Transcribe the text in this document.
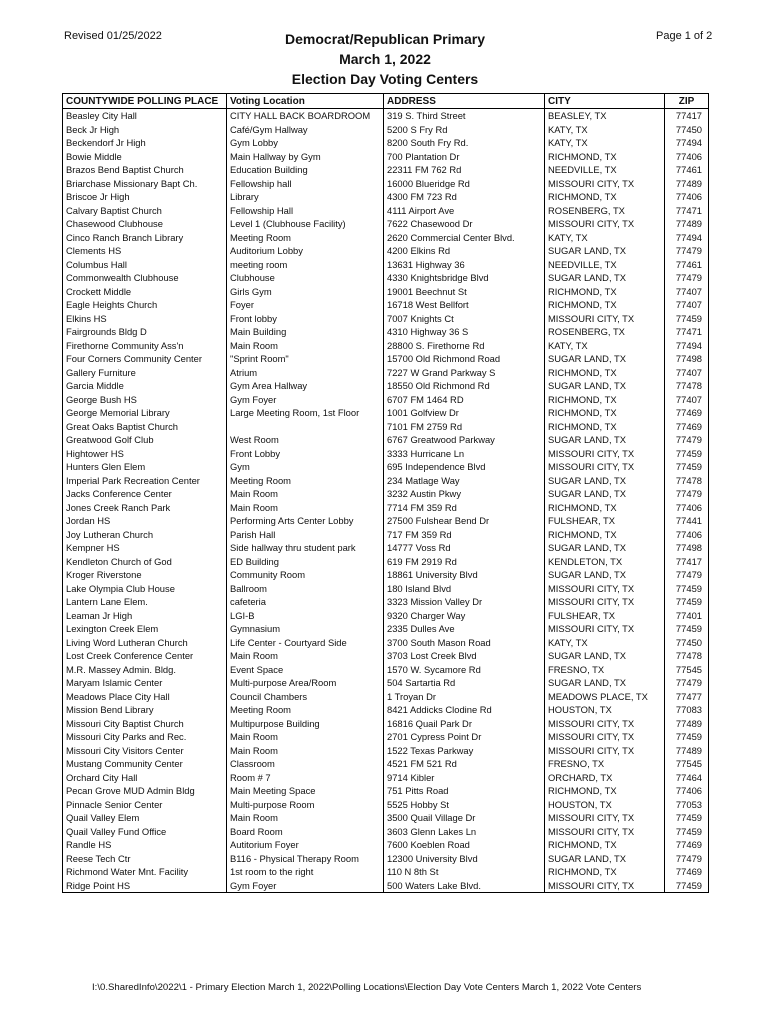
Revised 01/25/2022	Page 1 of 2
Democrat/Republican Primary
March 1, 2022
Election Day Voting Centers
COUNTYWIDE POLLING PLACE	Voting Location	ADDRESS	CITY	ZIP
Beasley City Hall	CITY HALL BACK BOARDROOM	319 S. Third Street	BEASLEY, TX	77417
Beck Jr High	Café/Gym Hallway	5200 S Fry Rd	KATY, TX	77450
Beckendorf Jr High	Gym Lobby	8200 South Fry Rd.	KATY, TX	77494
Bowie Middle	Main Hallway by Gym	700 Plantation Dr	RICHMOND, TX	77406
Brazos Bend Baptist Church	Education Building	22311 FM 762 Rd	NEEDVILLE, TX	77461
Briarchase Missionary Bapt Ch.	Fellowship hall	16000 Blueridge Rd	MISSOURI CITY, TX	77489
Briscoe Jr High	Library	4300 FM 723 Rd	RICHMOND, TX	77406
Calvary Baptist Church	Fellowship Hall	4111 Airport Ave	ROSENBERG, TX	77471
Chasewood Clubhouse	Level 1 (Clubhouse Facility)	7622 Chasewood Dr	MISSOURI CITY, TX	77489
Cinco Ranch Branch Library	Meeting Room	2620 Commercial Center Blvd.	KATY, TX	77494
Clements HS	Auditorium Lobby	4200 Elkins Rd	SUGAR LAND, TX	77479
Columbus Hall	meeting room	13631 Highway 36	NEEDVILLE, TX	77461
Commonwealth Clubhouse	Clubhouse	4330 Knightsbridge Blvd	SUGAR LAND, TX	77479
Crockett Middle	Girls Gym	19001 Beechnut St	RICHMOND, TX	77407
Eagle Heights Church	Foyer	16718 West Bellfort	RICHMOND, TX	77407
Elkins HS	Front lobby	7007 Knights Ct	MISSOURI CITY, TX	77459
Fairgrounds Bldg D	Main Building	4310 Highway 36 S	ROSENBERG, TX	77471
Firethorne Community Ass'n	Main Room	28800 S. Firethorne Rd	KATY, TX	77494
Four Corners Community Center	"Sprint Room"	15700 Old Richmond Road	SUGAR LAND, TX	77498
Gallery Furniture	Atrium	7227 W Grand Parkway S	RICHMOND, TX	77407
Garcia Middle	Gym Area Hallway	18550 Old Richmond Rd	SUGAR LAND, TX	77478
George Bush HS	Gym Foyer	6707 FM 1464 RD	RICHMOND, TX	77407
George Memorial Library	Large Meeting Room, 1st Floor	1001 Golfview Dr	RICHMOND, TX	77469
Great Oaks Baptist Church		7101 FM 2759 Rd	RICHMOND, TX	77469
Greatwood Golf Club	West Room	6767 Greatwood Parkway	SUGAR LAND, TX	77479
Hightower HS	Front Lobby	3333 Hurricane Ln	MISSOURI CITY, TX	77459
Hunters Glen Elem	Gym	695 Independence Blvd	MISSOURI CITY, TX	77459
Imperial Park Recreation Center	Meeting Room	234 Matlage Way	SUGAR LAND, TX	77478
Jacks Conference Center	Main Room	3232 Austin Pkwy	SUGAR LAND, TX	77479
Jones Creek Ranch Park	Main Room	7714 FM 359 Rd	RICHMOND, TX	77406
Jordan HS	Performing Arts Center Lobby	27500 Fulshear Bend Dr	FULSHEAR, TX	77441
Joy Lutheran Church	Parish Hall	717 FM 359 Rd	RICHMOND, TX	77406
Kempner HS	Side hallway thru student park	14777 Voss Rd	SUGAR LAND, TX	77498
Kendleton Church of God	ED Building	619 FM 2919 Rd	KENDLETON, TX	77417
Kroger Riverstone	Community Room	18861 University Blvd	SUGAR LAND, TX	77479
Lake Olympia Club House	Ballroom	180 Island Blvd	MISSOURI CITY, TX	77459
Lantern Lane Elem.	cafeteria	3323 Mission Valley Dr	MISSOURI CITY, TX	77459
Leaman Jr High	LGI-B	9320 Charger Way	FULSHEAR, TX	77401
Lexington Creek Elem	Gymnasium	2335 Dulles Ave	MISSOURI CITY, TX	77459
Living Word Lutheran Church	Life Center - Courtyard Side	3700 South Mason Road	KATY, TX	77450
Lost Creek Conference Center	Main Room	3703 Lost Creek Blvd	SUGAR LAND, TX	77478
M.R. Massey Admin. Bldg.	Event Space	1570 W. Sycamore Rd	FRESNO, TX	77545
Maryam Islamic Center	Multi-purpose Area/Room	504 Sartartia Rd	SUGAR LAND, TX	77479
Meadows Place City Hall	Council Chambers	1 Troyan Dr	MEADOWS PLACE, TX	77477
Mission Bend Library	Meeting Room	8421 Addicks Clodine Rd	HOUSTON, TX	77083
Missouri City Baptist Church	Multipurpose Building	16816 Quail Park Dr	MISSOURI CITY, TX	77489
Missouri City Parks and Rec.	Main Room	2701 Cypress Point Dr	MISSOURI CITY, TX	77459
Missouri City Visitors Center	Main Room	1522 Texas Parkway	MISSOURI CITY, TX	77489
Mustang Community Center	Classroom	4521 FM 521 Rd	FRESNO, TX	77545
Orchard City Hall	Room # 7	9714 Kibler	ORCHARD, TX	77464
Pecan Grove MUD Admin Bldg	Main Meeting Space	751 Pitts Road	RICHMOND, TX	77406
Pinnacle Senior Center	Multi-purpose Room	5525 Hobby St	HOUSTON, TX	77053
Quail Valley Elem	Main Room	3500 Quail Village Dr	MISSOURI CITY, TX	77459
Quail Valley Fund Office	Board Room	3603 Glenn Lakes Ln	MISSOURI CITY, TX	77459
Randle HS	Autitorium Foyer	7600 Koeblen Road	RICHMOND, TX	77469
Reese Tech Ctr	B116 - Physical Therapy Room	12300 University Blvd	SUGAR LAND, TX	77479
Richmond Water Mnt. Facility	1st room to the right	110 N 8th St	RICHMOND, TX	77469
Ridge Point HS	Gym Foyer	500 Waters Lake Blvd.	MISSOURI CITY, TX	77459
I:\0.SharedInfo\2022\1 - Primary Election March 1, 2022\Polling Locations\Election Day Vote Centers March 1, 2022 Vote Centers
